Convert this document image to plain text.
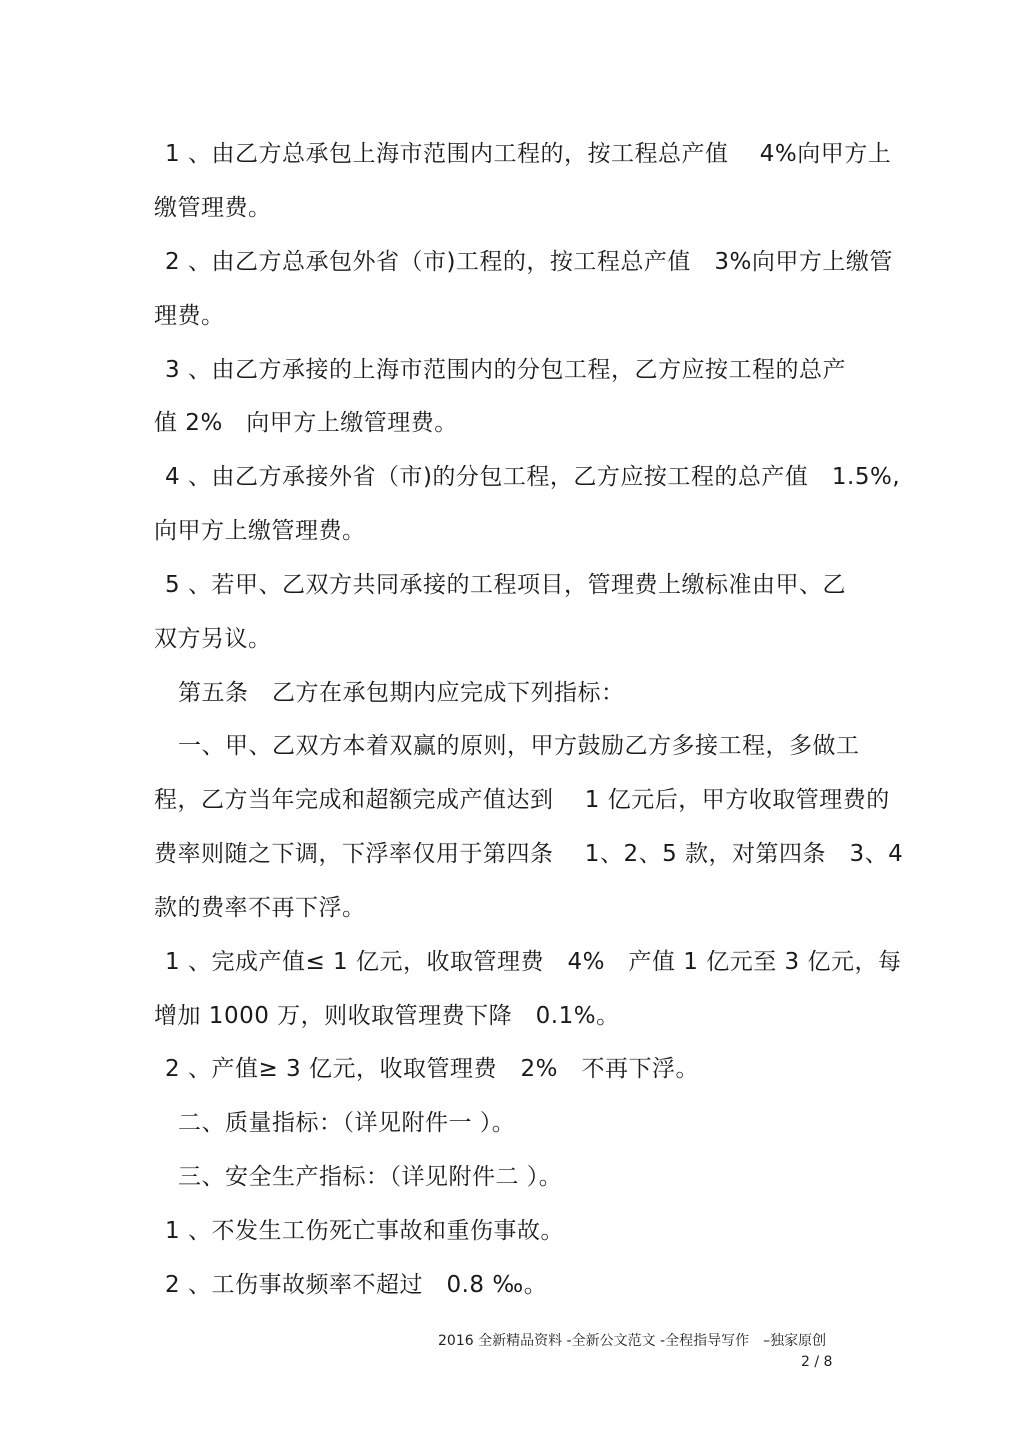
1 、由乙方总承包上海市范围内工程的，按工程总产值　 4%向甲方上
缴管理费。
2 、由乙方总承包外省（市)工程的，按工程总产值　3%向甲方上缴管
理费。
3 、由乙方承接的上海市范围内的分包工程，乙方应按工程的总产
值 2%　向甲方上缴管理费。
4 、由乙方承接外省（市)的分包工程，乙方应按工程的总产值　1.5%,
向甲方上缴管理费。
5 、若甲、乙双方共同承接的工程项目，管理费上缴标准由甲、乙
双方另议。
第五条　乙方在承包期内应完成下列指标：
一、甲、乙双方本着双赢的原则，甲方鼓励乙方多接工程，多做工
程，乙方当年完成和超额完成产值达到　 1 亿元后，甲方收取管理费的
费率则随之下调，下浮率仅用于第四条　 1、2、5 款，对第四条　3、4
款的费率不再下浮。
1 、完成产值≤ 1 亿元，收取管理费　4%　产值 1 亿元至 3 亿元，每
增加 1000 万，则收取管理费下降　0.1%。
2 、产值≥ 3 亿元，收取管理费　2%　不再下浮。
二、质量指标：（详见附件一 ）。
三、安全生产指标：（详见附件二 ）。
1 、不发生工伤死亡事故和重伤事故。
2 、工伤事故频率不超过　0.8 ‰。
2016 全新精品资料 -全新公文范文 -全程指导写作　–独家原创
2 / 8
